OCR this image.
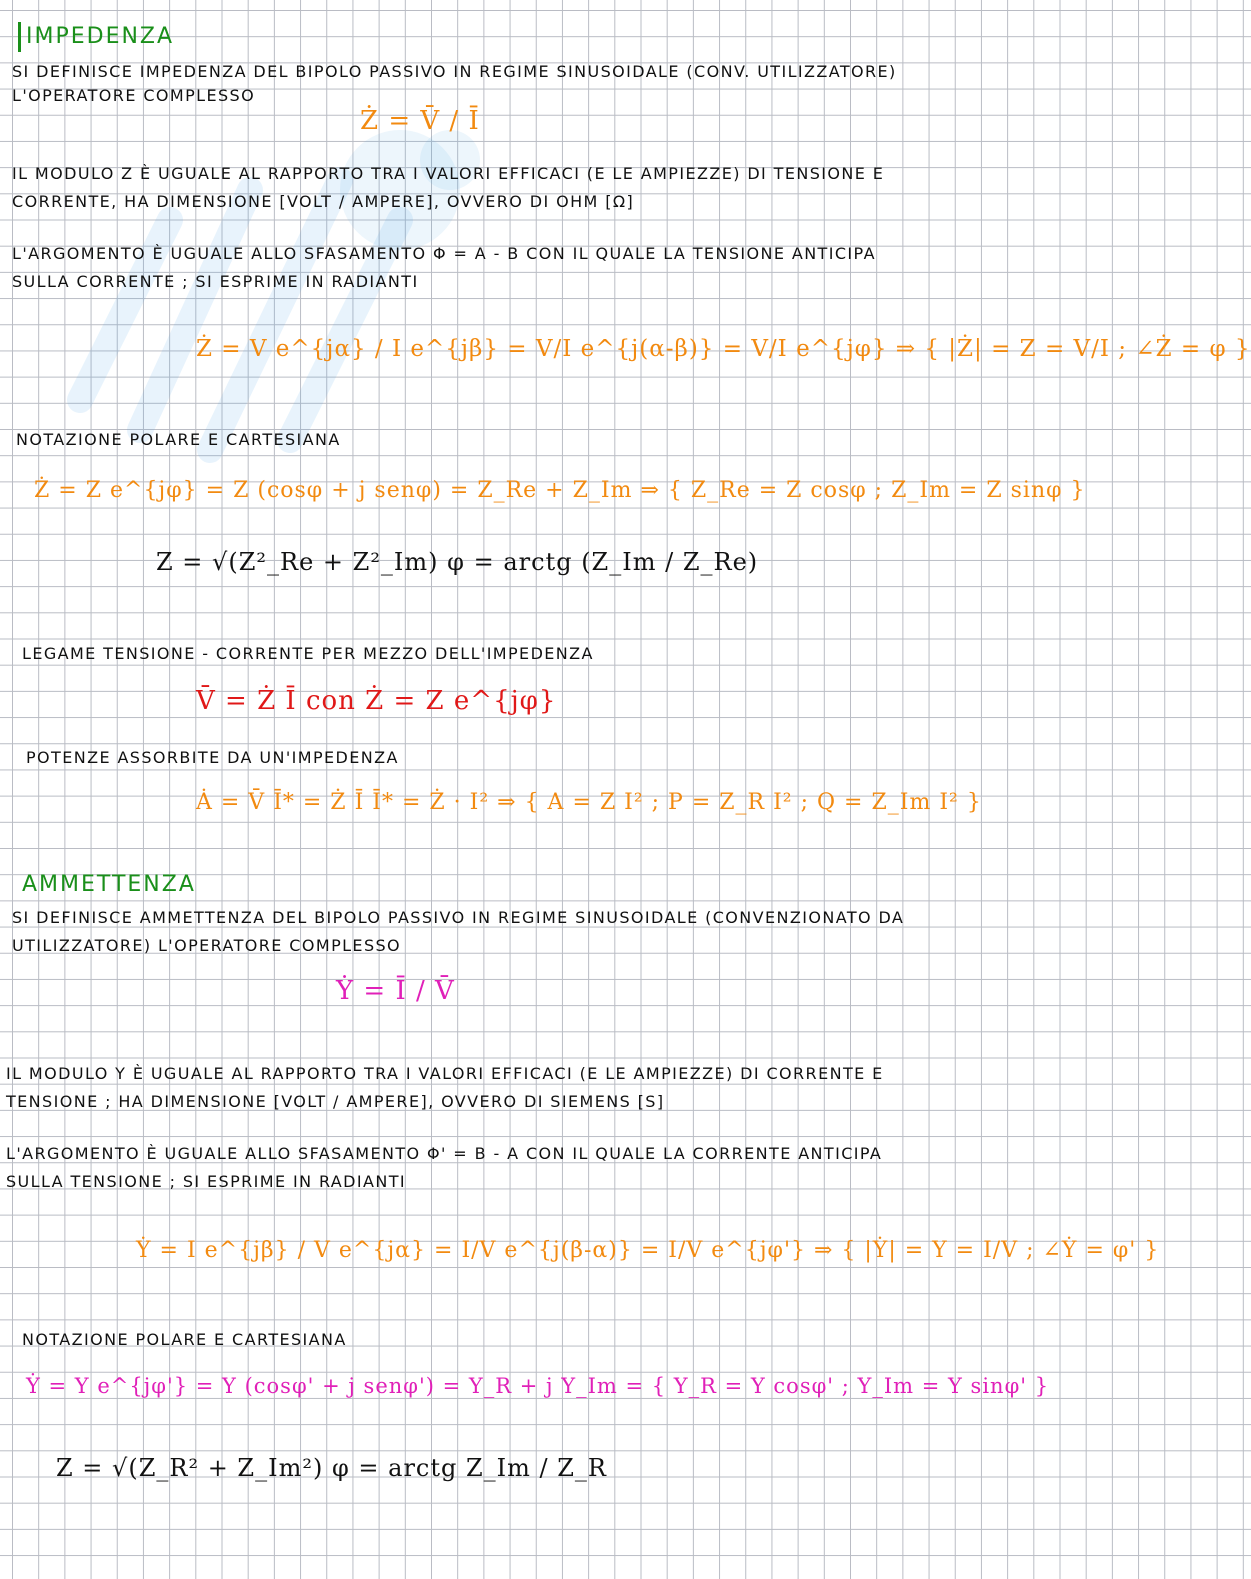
IMPEDENZA
SI DEFINISCE IMPEDENZA DEL BIPOLO PASSIVO IN REGIME SINUSOIDALE (CONV. UTILIZZATORE)
L'OPERATORE COMPLESSO
Ż = V̄ / Ī
IL MODULO Z È UGUALE AL RAPPORTO TRA I VALORI EFFICACI (E LE AMPIEZZE) DI TENSIONE E
CORRENTE, HA DIMENSIONE [VOLT / AMPERE], OVVERO DI OHM [Ω]
L'ARGOMENTO È UGUALE ALLO SFASAMENTO Φ = Α - Β CON IL QUALE LA TENSIONE ANTICIPA
SULLA CORRENTE ; SI ESPRIME IN RADIANTI
Ż = V e^{jα} / I e^{jβ} = V/I e^{j(α-β)} = V/I e^{jφ} ⇒ { |Ż| = Z = V/I ; ∠Ż = φ }
NOTAZIONE POLARE E CARTESIANA
Ż = Z e^{jφ} = Z (cosφ + j senφ) = Z_Re + Z_Im ⇒ { Z_Re = Z cosφ ; Z_Im = Z sinφ }
Z = √(Z²_Re + Z²_Im) φ = arctg (Z_Im / Z_Re)
LEGAME TENSIONE - CORRENTE PER MEZZO DELL'IMPEDENZA
V̄ = Ż Ī con Ż = Z e^{jφ}
POTENZE ASSORBITE DA UN'IMPEDENZA
Ȧ = V̄ Ī* = Ż Ī Ī* = Ż · I² ⇒ { A = Z I² ; P = Z_R I² ; Q = Z_Im I² }
AMMETTENZA
SI DEFINISCE AMMETTENZA DEL BIPOLO PASSIVO IN REGIME SINUSOIDALE (CONVENZIONATO DA
UTILIZZATORE) L'OPERATORE COMPLESSO
Ẏ = Ī / V̄
IL MODULO Y È UGUALE AL RAPPORTO TRA I VALORI EFFICACI (E LE AMPIEZZE) DI CORRENTE E
TENSIONE ; HA DIMENSIONE [VOLT / AMPERE], OVVERO DI SIEMENS [S]
L'ARGOMENTO È UGUALE ALLO SFASAMENTO Φ' = Β - Α CON IL QUALE LA CORRENTE ANTICIPA
SULLA TENSIONE ; SI ESPRIME IN RADIANTI
Ẏ = I e^{jβ} / V e^{jα} = I/V e^{j(β-α)} = I/V e^{jφ'} ⇒ { |Ẏ| = Y = I/V ; ∠Ẏ = φ' }
NOTAZIONE POLARE E CARTESIANA
Ẏ = Y e^{jφ'} = Y (cosφ' + j senφ') = Y_R + j Y_Im = { Y_R = Y cosφ' ; Y_Im = Y sinφ' }
Z = √(Z_R² + Z_Im²) φ = arctg Z_Im / Z_R
